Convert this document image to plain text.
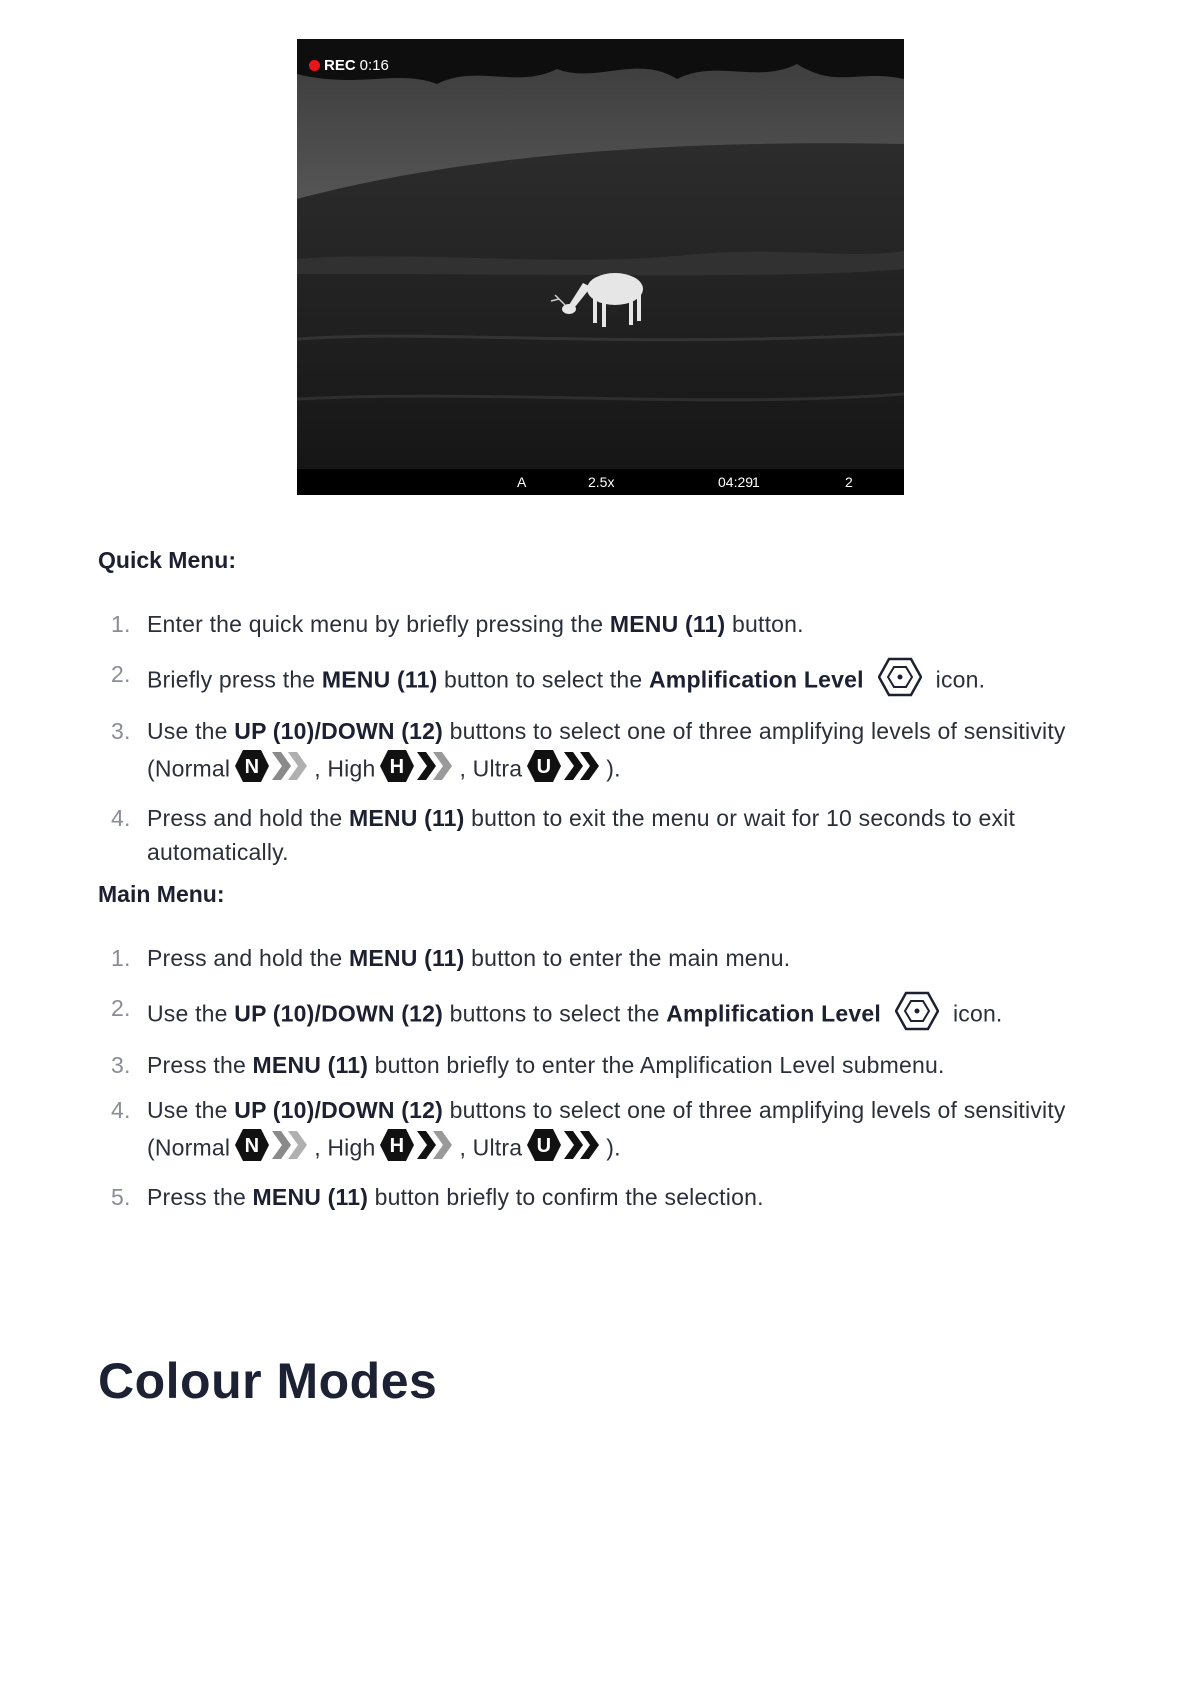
REC 0:16
A	2.5x	04:29
1	2
Quick Menu:
1. Enter the quick menu by briefly pressing the MENU (11) button.
2. Briefly press the MENU (11) button to select the Amplification Level	icon.
3. Use the UP (10)/DOWN (12) buttons to select one of three amplifying levels of sensitivity (Normal N , High H , Ultra U ).
4. Press and hold the MENU (11) button to exit the menu or wait for 10 seconds to exit automatically.
Main Menu:
1. Press and hold the MENU (11) button to enter the main menu.
2. Use the UP (10)/DOWN (12) buttons to select the Amplification Level	icon.
3. Press the MENU (11) button briefly to enter the Amplification Level submenu.
4. Use the UP (10)/DOWN (12) buttons to select one of three amplifying levels of sensitivity (Normal N , High H , Ultra U ).
5. Press the MENU (11) button briefly to confirm the selection.
Colour Modes
